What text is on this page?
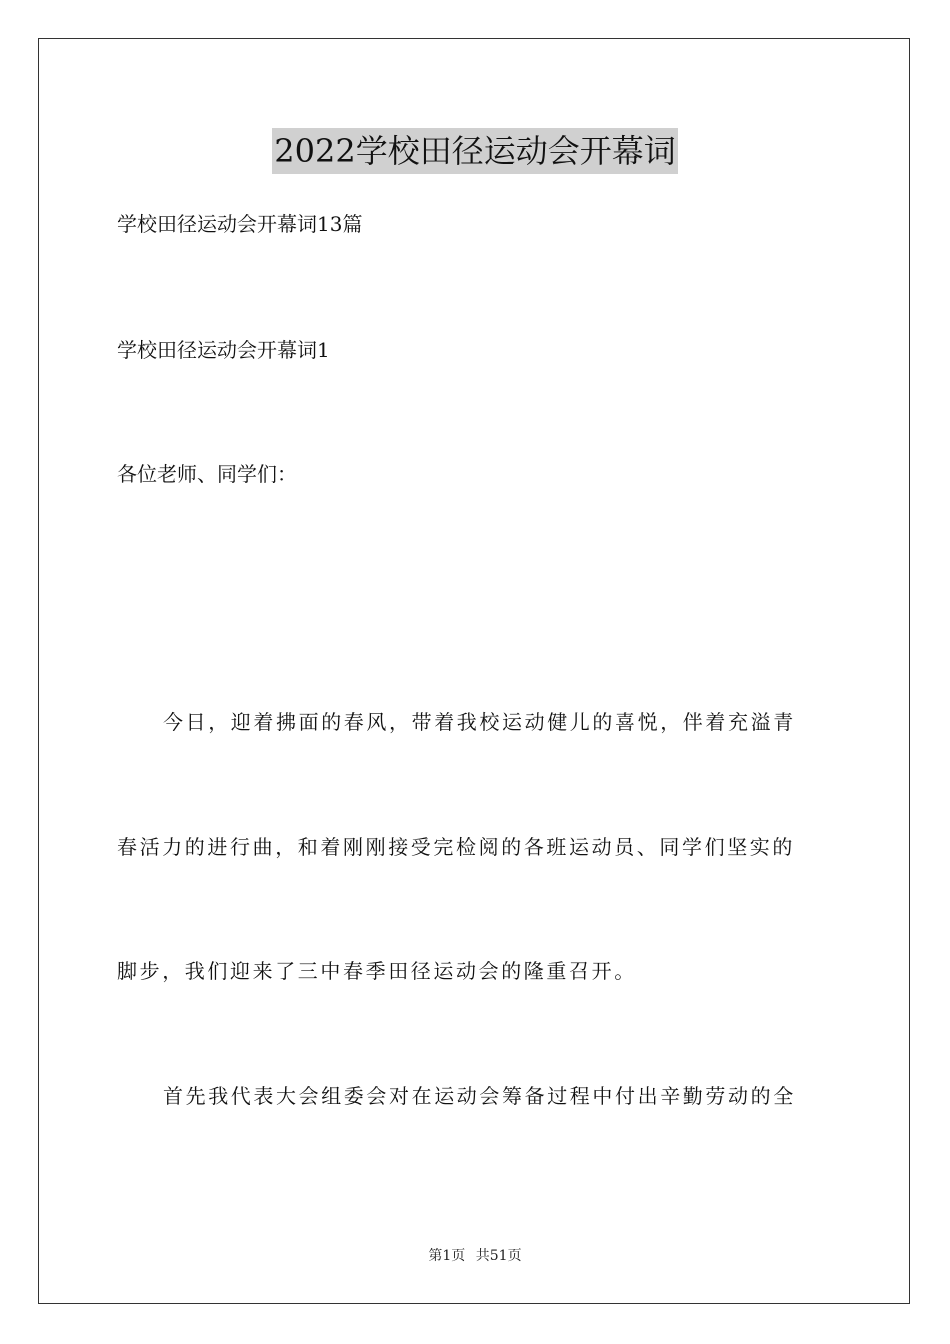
2022学校田径运动会开幕词

学校田径运动会开幕词13篇

学校田径运动会开幕词1

各位老师、同学们：

今日，迎着拂面的春风，带着我校运动健儿的喜悦，伴着充溢青

春活力的进行曲，和着刚刚接受完检阅的各班运动员、同学们坚实的

脚步，我们迎来了三中春季田径运动会的隆重召开。

首先我代表大会组委会对在运动会筹备过程中付出辛勤劳动的全

第1页 共51页
